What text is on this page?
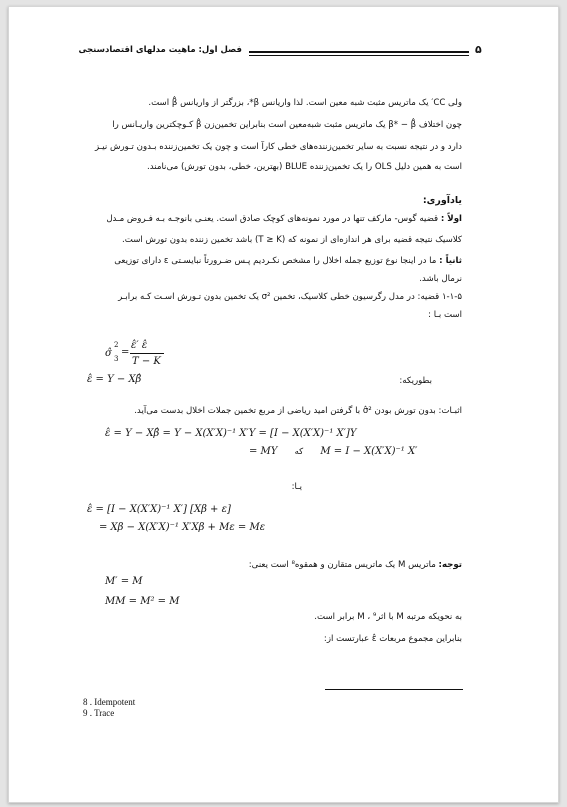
۵
فصل اول: ماهیت مدلهای اقتصادسنجی
ولی CC′ یک ماتریس مثبت شبه معین است. لذا واریانس β*، بزرگتر از واریانس β̂ است.
چون اختلاف β* − β̂ یک ماتریس مثبت شبه‌معین است بنابراین تخمین‌زن β̂ کـوچکترین واریـانس را
دارد و در نتیجه نسبت به سایر تخمین‌زننده‌های خطی کارآ است و چون یک تخمین‌زننده بـدون تـورش نیـز
است به همین دلیل OLS را یک تخمین‌زننده BLUE (بهترین، خطی، بدون تورش) می‌نامند.
یادآوری:
اولاً : قضیه گوس- مارکف تنها در مورد نمونه‌های کوچک صادق است. یعنـی بانوجـه بـه فـروض مـدل
کلاسیک نتیجه قضیه برای هر اندازه‌ای از نمونه که (T ≥ K) باشد تخمین زننده بدون تورش است.
ثانیاً : ما در اینجا نوع توزیع جمله اخلال را مشخص نکـردیم پـس ضـرورتاً نبایسـتی ε دارای توزیعی
نرمال باشد.
۱-۱-۵ قضیه: در مدل رگرسیون خطی کلاسیک، تخمین σ² یک تخمین بدون تـورش اسـت کـه برابـر
است بـا :
σ̂
2
3
=
ε̂′ ε̂
T − K
ε̂ = Y − Xβ̂	بطوریکه:
اثبـات: بدون تورش بودن σ̂² با گرفتن امید ریاضی از مربع تخمین جملات اخلال بدست می‌آید.
ε̂ = Y − Xβ̂ = Y − X(X′X)⁻¹ X′Y = [I − X(X′X)⁻¹ X′]Y
= MY که M = I − X(X′X)⁻¹ X′
یـا:
ε̂ = [I − X(X′X)⁻¹ X′] [Xβ + ε]
= Xβ − X(X′X)⁻¹ X′Xβ + Mε = Mε
توجه: ماتریس M یک ماتریس متقارن و همقوه⁸ است یعنی:
M′ = M
MM = M² = M
به نحویکه مرتبه M با اثر⁹ ، M برابر است.
بنابراین مجموع مربعات ε̂ عبارتست از:
8 . Idempotent
9 . Trace
